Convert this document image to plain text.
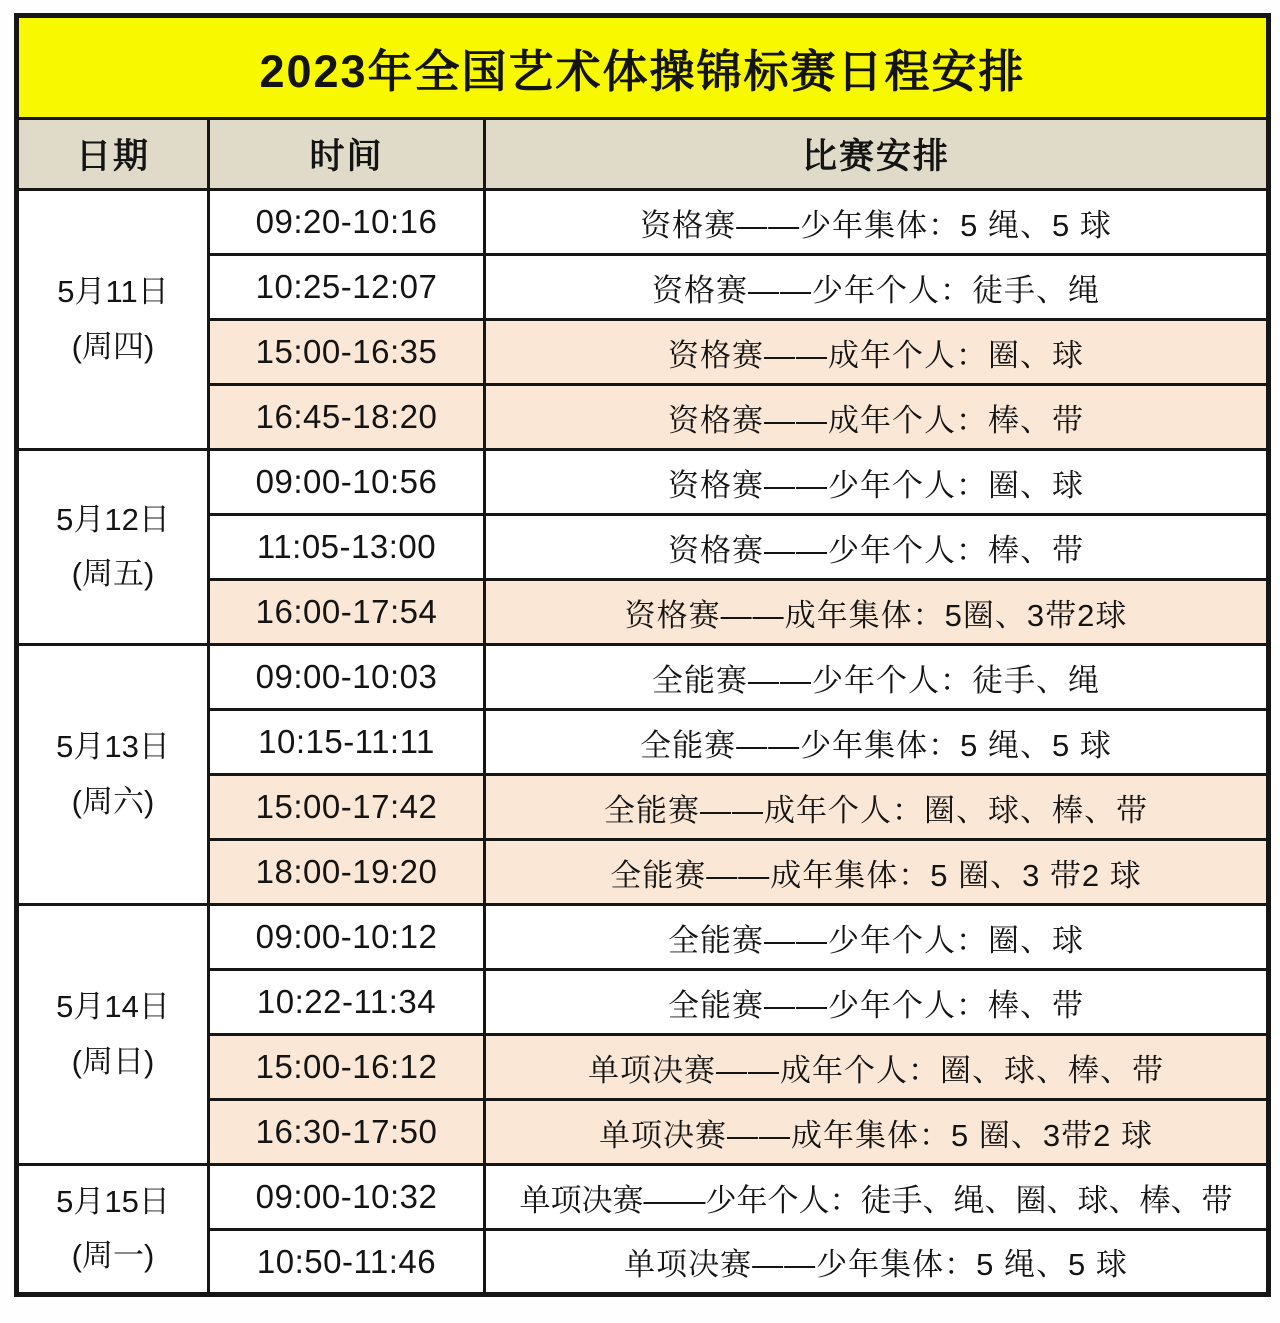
2023年全国艺术体操锦标赛日程安排		
日期	时间	比赛安排

5月11日
(周四)	09:20-10:16	资格赛——少年集体：5 绳、5 球
	10:25-12:07	资格赛——少年个人：徒手、绳
	15:00-16:35	资格赛——成年个人：圈、球
	16:45-18:20	资格赛——成年个人：棒、带

5月12日
(周五)	09:00-10:56	资格赛——少年个人：圈、球
	11:05-13:00	资格赛——少年个人：棒、带
	16:00-17:54	资格赛——成年集体：5圈、3带2球

5月13日
(周六)	09:00-10:03	全能赛——少年个人：徒手、绳
	10:15-11:11	全能赛——少年集体：5 绳、5 球
	15:00-17:42	全能赛——成年个人：圈、球、棒、带
	18:00-19:20	全能赛——成年集体：5 圈、3 带2 球

5月14日
(周日)	09:00-10:12	全能赛——少年个人：圈、球
	10:22-11:34	全能赛——少年个人：棒、带
	15:00-16:12	单项决赛——成年个人：圈、球、棒、带
	16:30-17:50	单项决赛——成年集体：5 圈、3带2 球

5月15日
(周一)	09:00-10:32	单项决赛——少年个人：徒手、绳、圈、球、棒、带
	10:50-11:46	单项决赛——少年集体：5 绳、5 球
